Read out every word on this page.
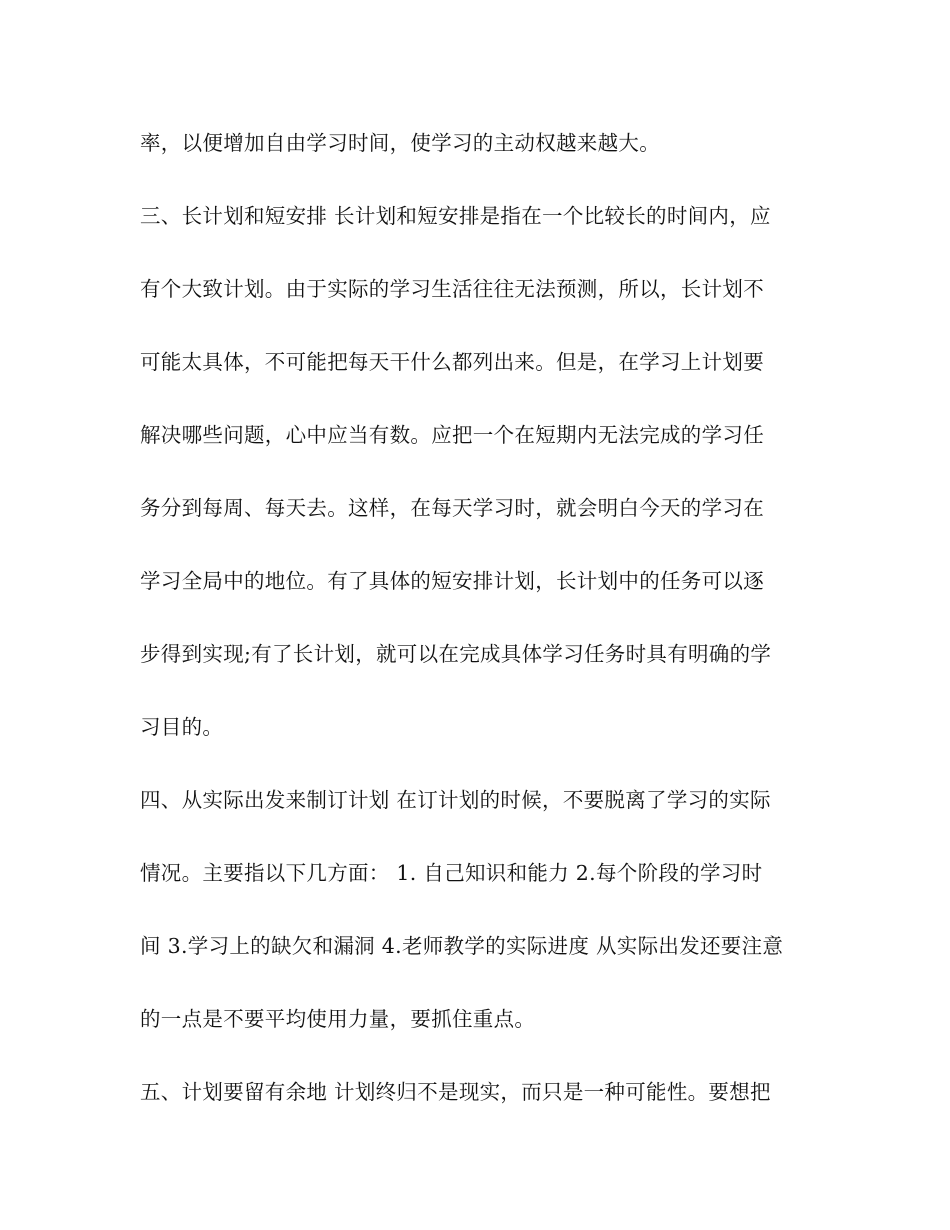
率，以便增加自由学习时间，使学习的主动权越来越大。
三、长计划和短安排 长计划和短安排是指在一个比较长的时间内，应
有个大致计划。由于实际的学习生活往往无法预测，所以，长计划不
可能太具体，不可能把每天干什么都列出来。但是，在学习上计划要
解决哪些问题，心中应当有数。应把一个在短期内无法完成的学习任
务分到每周、每天去。这样，在每天学习时，就会明白今天的学习在
学习全局中的地位。有了具体的短安排计划，长计划中的任务可以逐
步得到实现;有了长计划，就可以在完成具体学习任务时具有明确的学
习目的。
四、从实际出发来制订计划 在订计划的时候，不要脱离了学习的实际
情况。主要指以下几方面： 1. 自己知识和能力 2.每个阶段的学习时
间 3.学习上的缺欠和漏洞 4.老师教学的实际进度 从实际出发还要注意
的一点是不要平均使用力量，要抓住重点。
五、计划要留有余地 计划终归不是现实，而只是一种可能性。要想把
